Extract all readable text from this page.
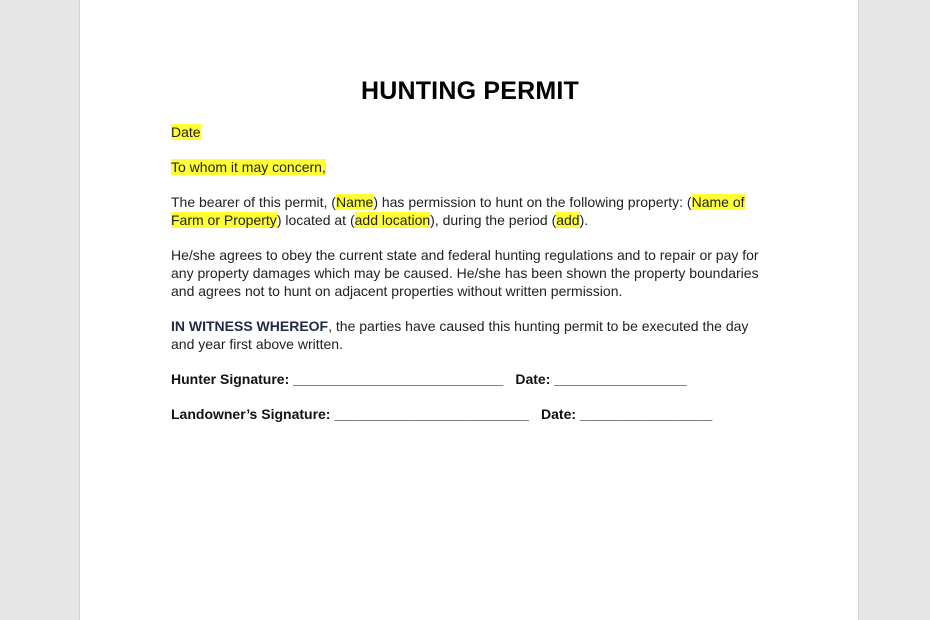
HUNTING PERMIT

Date

To whom it may concern,

The bearer of this permit, (Name) has permission to hunt on the following property: (Name of
Farm or Property) located at (add location), during the period (add).

He/she agrees to obey the current state and federal hunting regulations and to repair or pay for any property damages which may be caused. He/she has been shown the property boundaries and agrees not to hunt on adjacent properties without written permission.

IN WITNESS WHEREOF, the parties have caused this hunting permit to be executed the day and year first above written.

Hunter Signature: ___________________________ Date: _________________

Landowner’s Signature: _________________________ Date: _________________
